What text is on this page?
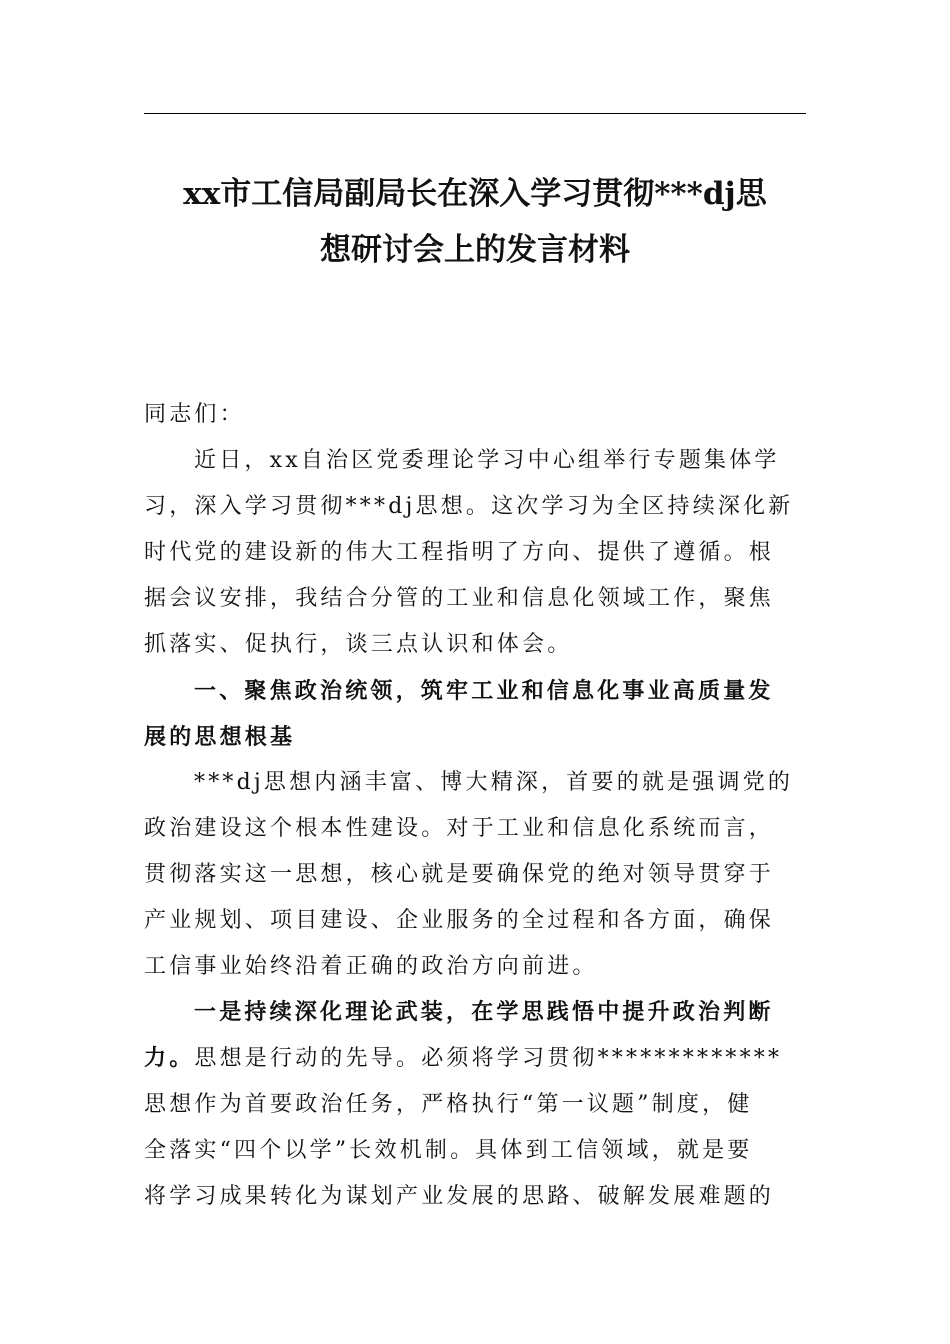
xx市工信局副局长在深入学习贯彻***dj思
想研讨会上的发言材料

同志们：

近日，xx自治区党委理论学习中心组举行专题集体学
习，深入学习贯彻***dj思想。这次学习为全区持续深化新
时代党的建设新的伟大工程指明了方向、提供了遵循。根
据会议安排，我结合分管的工业和信息化领域工作，聚焦
抓落实、促执行，谈三点认识和体会。

一、聚焦政治统领，筑牢工业和信息化事业高质量发
展的思想根基

***dj思想内涵丰富、博大精深，首要的就是强调党的
政治建设这个根本性建设。对于工业和信息化系统而言，
贯彻落实这一思想，核心就是要确保党的绝对领导贯穿于
产业规划、项目建设、企业服务的全过程和各方面，确保
工信事业始终沿着正确的政治方向前进。

一是持续深化理论武装，在学思践悟中提升政治判断
力。思想是行动的先导。必须将学习贯彻*************
思想作为首要政治任务，严格执行“第一议题”制度，健
全落实“四个以学”长效机制。具体到工信领域，就是要
将学习成果转化为谋划产业发展的思路、破解发展难题的
